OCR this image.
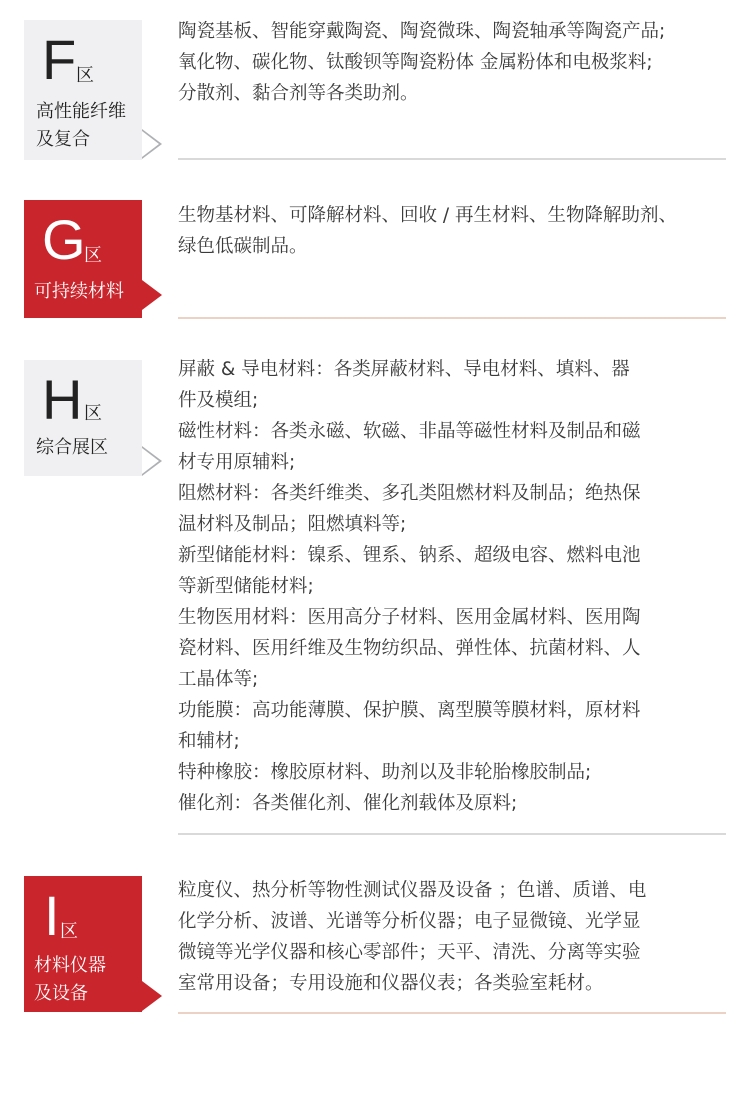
F 区
高性能纤维
及复合

陶瓷基板、智能穿戴陶瓷、陶瓷微珠、陶瓷轴承等陶瓷产品;

氧化物、碳化物、钛酸钡等陶瓷粉体 金属粉体和电极浆料;

分散剂、黏合剂等各类助剂。

G
区
可持续材料

生物基材料、可降解材料、回收 / 再生材料、生物降解助剂、

绿色低碳制品。

H 区
综合展区

屏蔽 & 导电材料：各类屏蔽材料、导电材料、填料、器

件及模组;

磁性材料：各类永磁、软磁、非晶等磁性材料及制品和磁

材专用原辅料;

阻燃材料：各类纤维类、多孔类阻燃材料及制品；绝热保

温材料及制品；阻燃填料等;

新型储能材料：镍系、锂系、钠系、超级电容、燃料电池

等新型储能材料;

生物医用材料：医用高分子材料、医用金属材料、医用陶

瓷材料、医用纤维及生物纺织品、弹性体、抗菌材料、人

工晶体等;

功能膜：高功能薄膜、保护膜、离型膜等膜材料，原材料

和辅材;

特种橡胶：橡胶原材料、助剂以及非轮胎橡胶制品;

催化剂：各类催化剂、催化剂载体及原料;

I 区
材料仪器
及设备

粒度仪、热分析等物性测试仪器及设备 ；色谱、质谱、电

化学分析、波谱、光谱等分析仪器；电子显微镜、光学显

微镜等光学仪器和核心零部件；天平、清洗、分离等实验

室常用设备；专用设施和仪器仪表；各类验室耗材。
